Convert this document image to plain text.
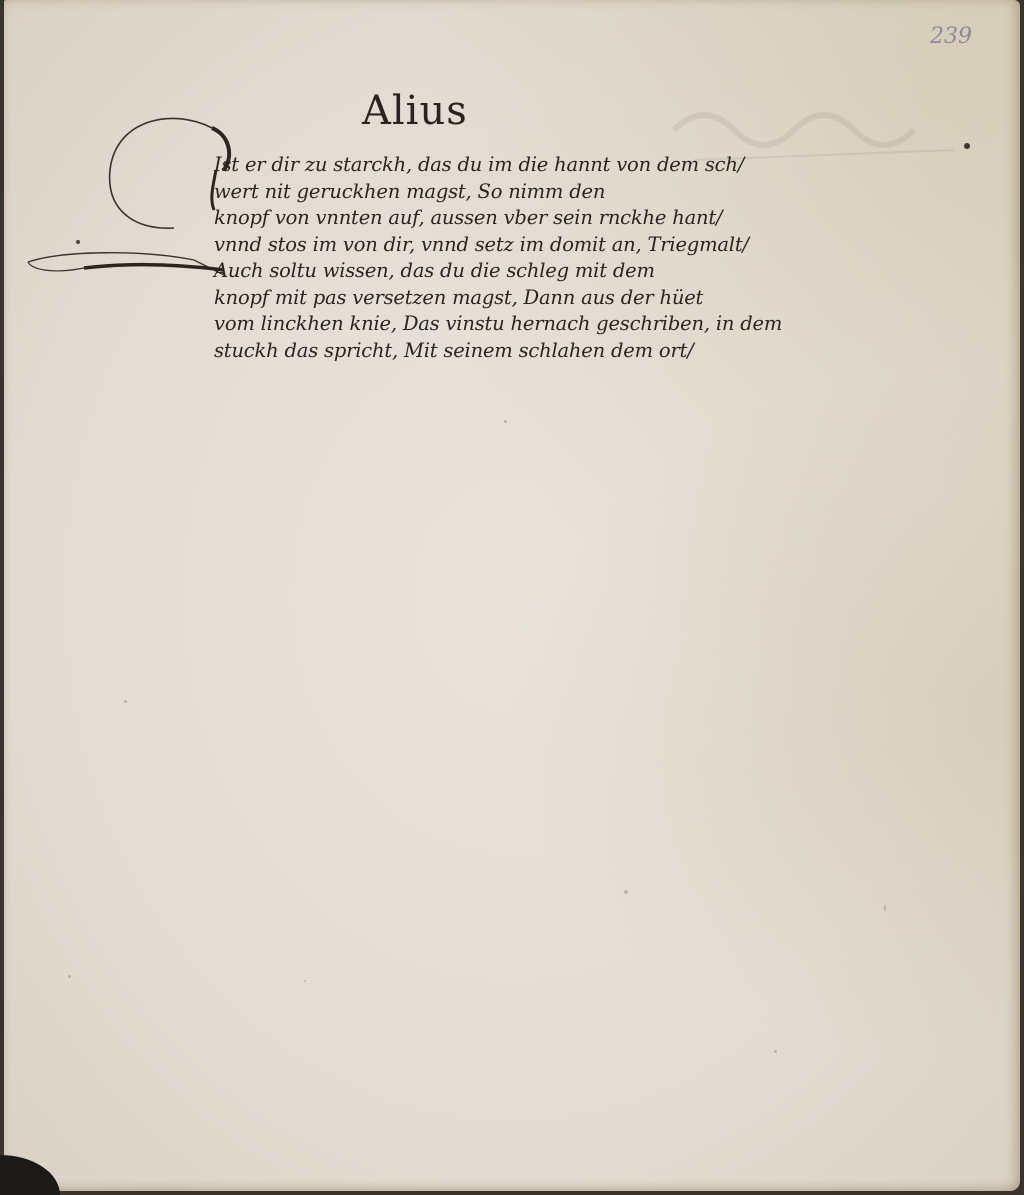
239
Alius
Ist er dir zu starckh, das du im die hannt von dem sch/
wert nit geruckhen magst, So nimm den
knopf von vnnten auf, aussen vber sein rnckhe hant/
vnnd stos im von dir, vnnd setz im domit an, Triegmalt/
Auch soltu wissen, das du die schleg mit dem
knopf mit pas versetzen magst, Dann aus der hüet
vom linckhen knie, Das vinstu hernach geschriben, in dem
stuckh das spricht, Mit seinem schlahen dem ort/
